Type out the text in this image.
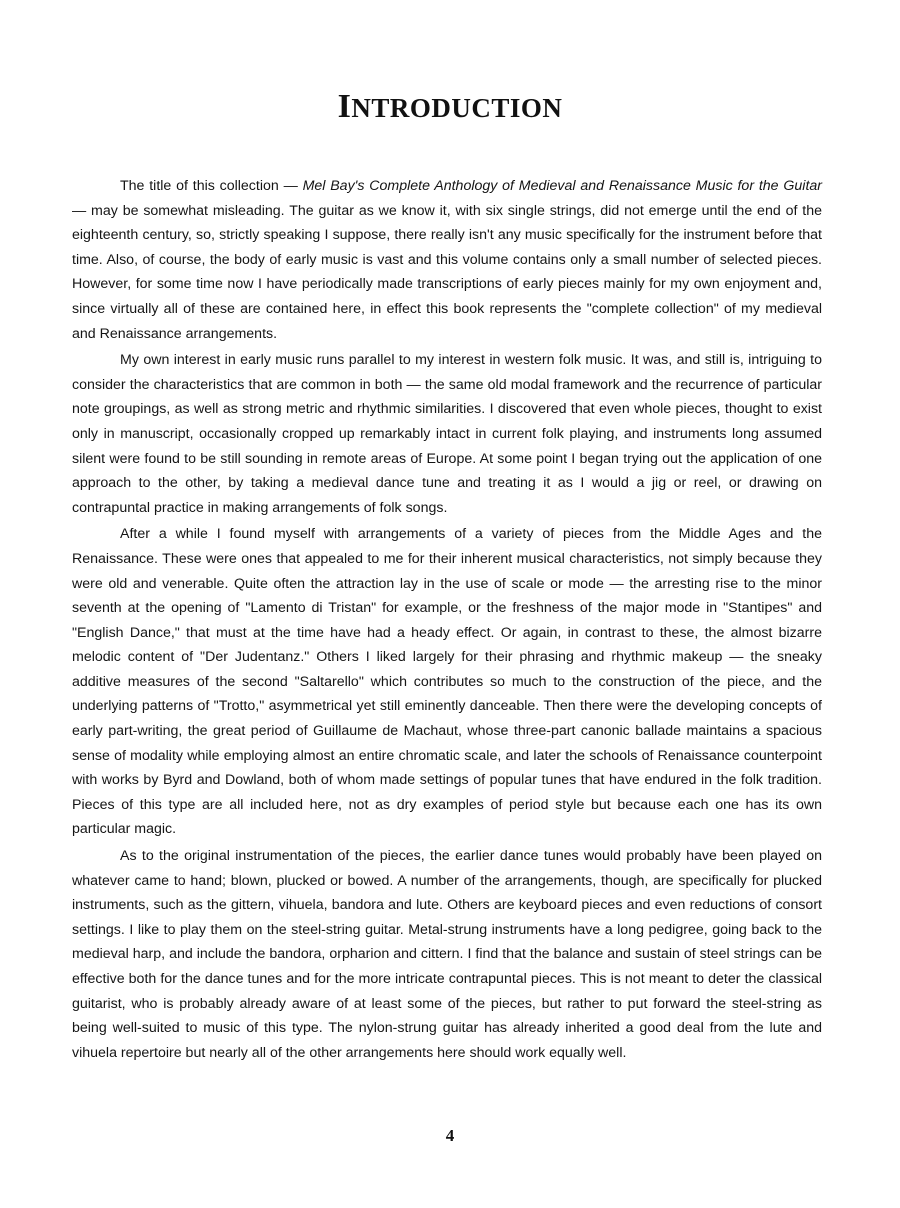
INTRODUCTION

The title of this collection — Mel Bay's Complete Anthology of Medieval and Renaissance Music for the Guitar — may be somewhat misleading. The guitar as we know it, with six single strings, did not emerge until the end of the eighteenth century, so, strictly speaking I suppose, there really isn't any music specifically for the instrument before that time. Also, of course, the body of early music is vast and this volume contains only a small number of selected pieces. However, for some time now I have periodically made transcriptions of early pieces mainly for my own enjoyment and, since virtually all of these are contained here, in effect this book represents the "complete collection" of my medieval and Renaissance arrangements.

My own interest in early music runs parallel to my interest in western folk music. It was, and still is, intriguing to consider the characteristics that are common in both — the same old modal framework and the recurrence of particular note groupings, as well as strong metric and rhythmic similarities. I discovered that even whole pieces, thought to exist only in manuscript, occasionally cropped up remarkably intact in current folk playing, and instruments long assumed silent were found to be still sounding in remote areas of Europe. At some point I began trying out the application of one approach to the other, by taking a medieval dance tune and treating it as I would a jig or reel, or drawing on contrapuntal practice in making arrangements of folk songs.

After a while I found myself with arrangements of a variety of pieces from the Middle Ages and the Renaissance. These were ones that appealed to me for their inherent musical characteristics, not simply because they were old and venerable. Quite often the attraction lay in the use of scale or mode — the arresting rise to the minor seventh at the opening of "Lamento di Tristan" for example, or the freshness of the major mode in "Stantipes" and "English Dance," that must at the time have had a heady effect. Or again, in contrast to these, the almost bizarre melodic content of "Der Judentanz." Others I liked largely for their phrasing and rhythmic makeup — the sneaky additive measures of the second "Saltarello" which contributes so much to the construction of the piece, and the underlying patterns of "Trotto," asymmetrical yet still eminently danceable. Then there were the developing concepts of early part-writing, the great period of Guillaume de Machaut, whose three-part canonic ballade maintains a spacious sense of modality while employing almost an entire chromatic scale, and later the schools of Renaissance counterpoint with works by Byrd and Dowland, both of whom made settings of popular tunes that have endured in the folk tradition. Pieces of this type are all included here, not as dry examples of period style but because each one has its own particular magic.

As to the original instrumentation of the pieces, the earlier dance tunes would probably have been played on whatever came to hand; blown, plucked or bowed. A number of the arrangements, though, are specifically for plucked instruments, such as the gittern, vihuela, bandora and lute. Others are keyboard pieces and even reductions of consort settings. I like to play them on the steel-string guitar. Metal-strung instruments have a long pedigree, going back to the medieval harp, and include the bandora, orpharion and cittern. I find that the balance and sustain of steel strings can be effective both for the dance tunes and for the more intricate contrapuntal pieces. This is not meant to deter the classical guitarist, who is probably already aware of at least some of the pieces, but rather to put forward the steel-string as being well-suited to music of this type. The nylon-strung guitar has already inherited a good deal from the lute and vihuela repertoire but nearly all of the other arrangements here should work equally well.

4
